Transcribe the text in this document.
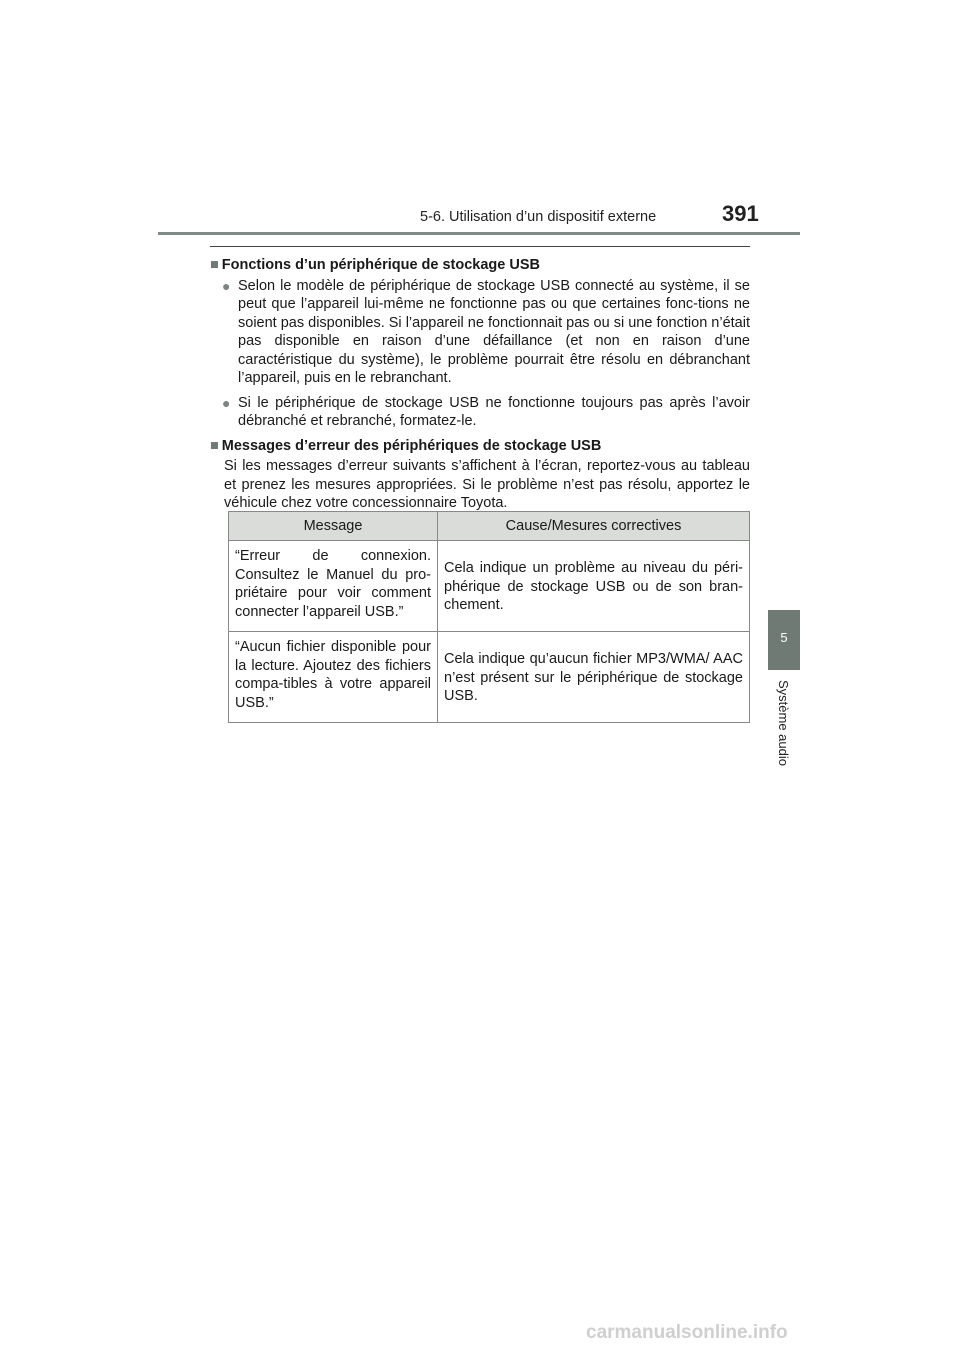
5-6. Utilisation d’un dispositif externe	391
5
Système audio
■ Fonctions d’un périphérique de stockage USB
● Selon le modèle de périphérique de stockage USB connecté au système, il se peut que l’appareil lui-même ne fonctionne pas ou que certaines fonc-tions ne soient pas disponibles. Si l’appareil ne fonctionnait pas ou si une fonction n’était pas disponible en raison d’une défaillance (et non en raison d’une caractéristique du système), le problème pourrait être résolu en débranchant l’appareil, puis en le rebranchant.
● Si le périphérique de stockage USB ne fonctionne toujours pas après l’avoir débranché et rebranché, formatez-le.
■ Messages d’erreur des périphériques de stockage USB
Si les messages d’erreur suivants s’affichent à l’écran, reportez-vous au tableau et prenez les mesures appropriées. Si le problème n’est pas résolu, apportez le véhicule chez votre concessionnaire Toyota.
Message	Cause/Mesures correctives
“Erreur de connexion. Consultez le Manuel du pro-priétaire pour voir comment connecter l’appareil USB.”	Cela indique un problème au niveau du péri-phérique de stockage USB ou de son bran-chement.
“Aucun fichier disponible pour la lecture. Ajoutez des fichiers compa-tibles à votre appareil USB.”	Cela indique qu’aucun fichier MP3/WMA/ AAC n’est présent sur le périphérique de stockage USB.
carmanualsonline.info
